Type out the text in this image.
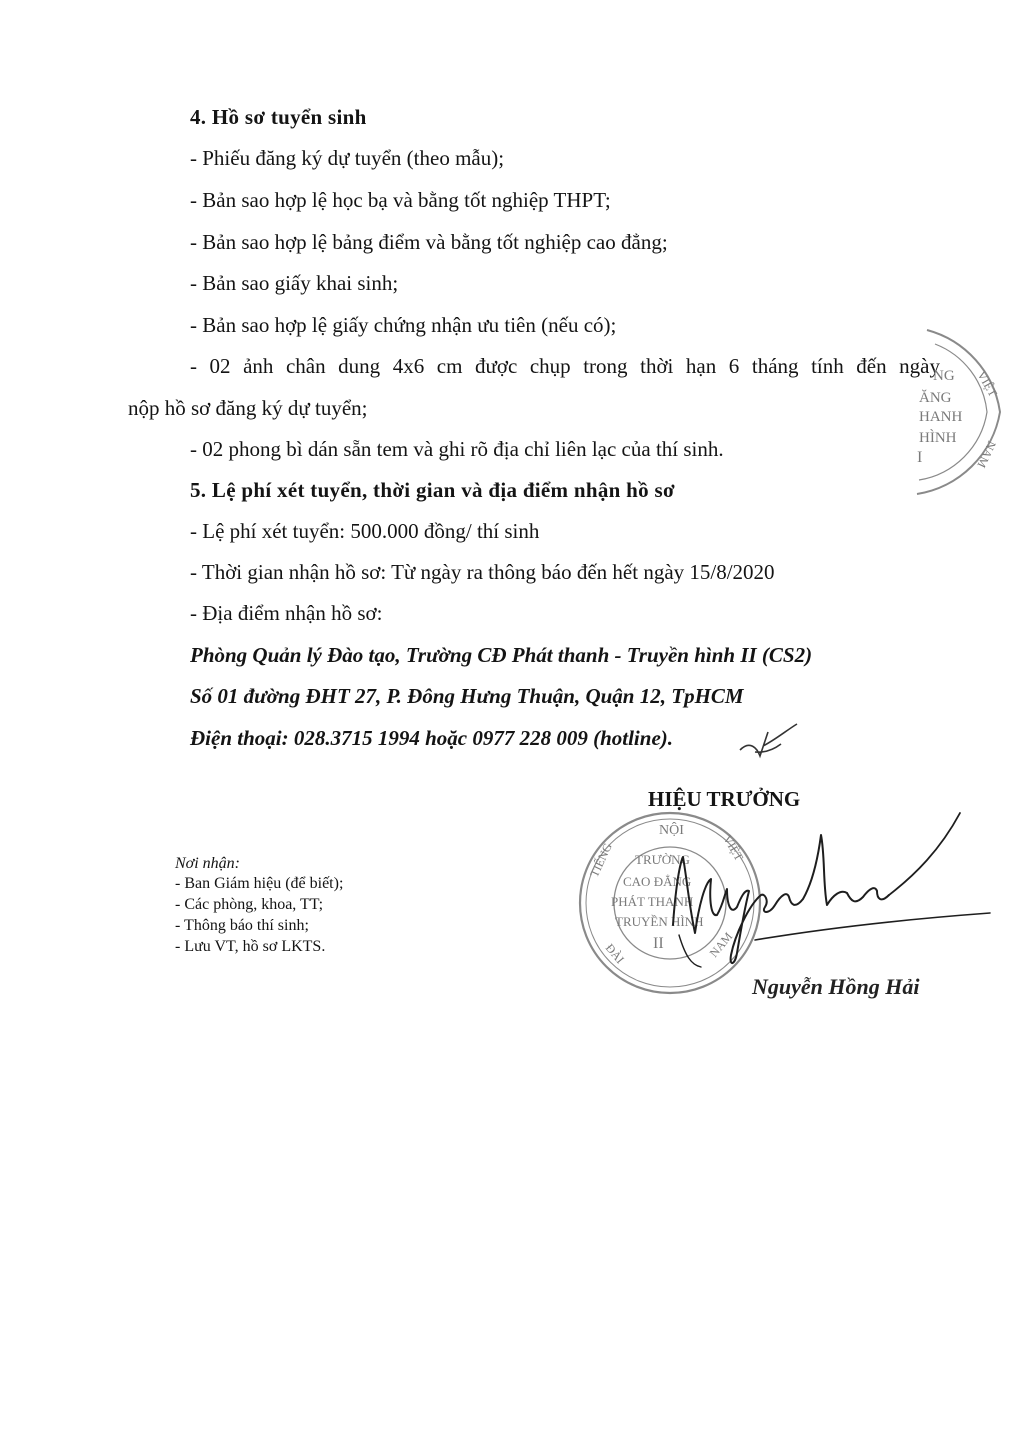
4. Hồ sơ tuyển sinh
- Phiếu đăng ký dự tuyển (theo mẫu);
- Bản sao hợp lệ học bạ và bằng tốt nghiệp THPT;
- Bản sao hợp lệ bảng điểm và bằng tốt nghiệp cao đẳng;
- Bản sao giấy khai sinh;
- Bản sao hợp lệ giấy chứng nhận ưu tiên (nếu có);
- 02 ảnh chân dung 4x6 cm được chụp trong thời hạn 6 tháng tính đến ngày
nộp hồ sơ đăng ký dự tuyển;
- 02 phong bì dán sẵn tem và ghi rõ địa chỉ liên lạc của thí sinh.
5. Lệ phí xét tuyển, thời gian và địa điểm nhận hồ sơ
- Lệ phí xét tuyển: 500.000 đồng/ thí sinh
- Thời gian nhận hồ sơ: Từ ngày ra thông báo đến hết ngày 15/8/2020
- Địa điểm nhận hồ sơ:
Phòng Quản lý Đào tạo, Trường CĐ Phát thanh - Truyền hình II (CS2)
Số 01 đường ĐHT 27, P. Đông Hưng Thuận, Quận 12, TpHCM
Điện thoại: 028.3715 1994 hoặc 0977 228 009 (hotline).
NG
ĂNG
HANH
HÌNH
I
VIỆT
NAM
HIỆU TRƯỞNG
NỘI
TIẾNG	VIỆT
NAM
ĐÀI
TRƯỜNG
CAO ĐẲNG
PHÁT THANH
TRUYỀN HÌNH
II
Nguyễn Hồng Hải
Nơi nhận:
- Ban Giám hiệu (để biết);
- Các phòng, khoa, TT;
- Thông báo thí sinh;
- Lưu VT, hồ sơ LKTS.
